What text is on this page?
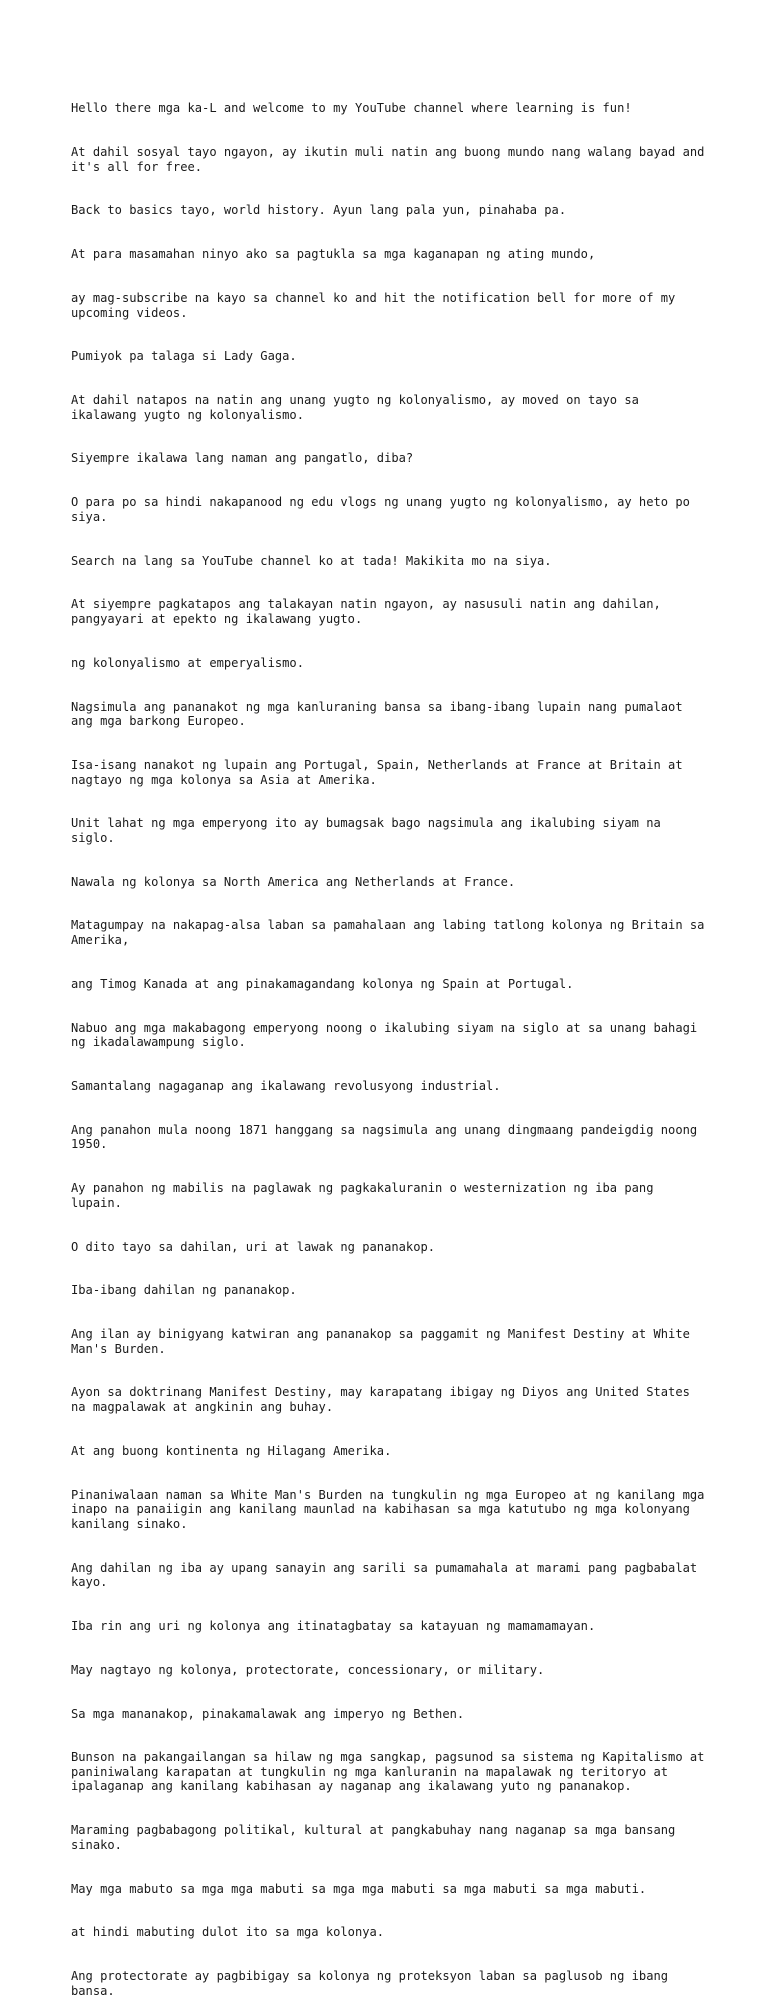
Hello there mga ka-L and welcome to my YouTube channel where learning is fun!

At dahil sosyal tayo ngayon, ay ikutin muli natin ang buong mundo nang walang bayad and it's all for free.

Back to basics tayo, world history. Ayun lang pala yun, pinahaba pa.

At para masamahan ninyo ako sa pagtukla sa mga kaganapan ng ating mundo,

ay mag-subscribe na kayo sa channel ko and hit the notification bell for more of my upcoming videos.

Pumiyok pa talaga si Lady Gaga.

At dahil natapos na natin ang unang yugto ng kolonyalismo, ay moved on tayo sa ikalawang yugto ng kolonyalismo.

Siyempre ikalawa lang naman ang pangatlo, diba?

O para po sa hindi nakapanood ng edu vlogs ng unang yugto ng kolonyalismo, ay heto po siya.

Search na lang sa YouTube channel ko at tada! Makikita mo na siya.

At siyempre pagkatapos ang talakayan natin ngayon, ay nasusuli natin ang dahilan, pangyayari at epekto ng ikalawang yugto.

ng kolonyalismo at emperyalismo.

Nagsimula ang pananakot ng mga kanluraning bansa sa ibang-ibang lupain nang pumalaot ang mga barkong Europeo.

Isa-isang nanakot ng lupain ang Portugal, Spain, Netherlands at France at Britain at nagtayo ng mga kolonya sa Asia at Amerika.

Unit lahat ng mga emperyong ito ay bumagsak bago nagsimula ang ikalubing siyam na siglo.

Nawala ng kolonya sa North America ang Netherlands at France.

Matagumpay na nakapag-alsa laban sa pamahalaan ang labing tatlong kolonya ng Britain sa Amerika,

ang Timog Kanada at ang pinakamagandang kolonya ng Spain at Portugal.

Nabuo ang mga makabagong emperyong noong o ikalubing siyam na siglo at sa unang bahagi ng ikadalawampung siglo.

Samantalang nagaganap ang ikalawang revolusyong industrial.

Ang panahon mula noong 1871 hanggang sa nagsimula ang unang dingmaang pandeigdig noong 1950.

Ay panahon ng mabilis na paglawak ng pagkakaluranin o westernization ng iba pang lupain.

O dito tayo sa dahilan, uri at lawak ng pananakop.

Iba-ibang dahilan ng pananakop.

Ang ilan ay binigyang katwiran ang pananakop sa paggamit ng Manifest Destiny at White Man's Burden.

Ayon sa doktrinang Manifest Destiny, may karapatang ibigay ng Diyos ang United States na magpalawak at angkinin ang buhay.

At ang buong kontinenta ng Hilagang Amerika.

Pinaniwalaan naman sa White Man's Burden na tungkulin ng mga Europeo at ng kanilang mga inapo na panaiigin ang kanilang maunlad na kabihasan sa mga katutubo ng mga kolonyang kanilang sinako.

Ang dahilan ng iba ay upang sanayin ang sarili sa pumamahala at marami pang pagbabalat kayo.

Iba rin ang uri ng kolonya ang itinatagbatay sa katayuan ng mamamamayan.

May nagtayo ng kolonya, protectorate, concessionary, or military.

Sa mga mananakop, pinakamalawak ang imperyo ng Bethen.

Bunson na pakangailangan sa hilaw ng mga sangkap, pagsunod sa sistema ng Kapitalismo at paniniwalang karapatan at tungkulin ng mga kanluranin na mapalawak ng teritoryo at ipalaganap ang kanilang kabihasan ay naganap ang ikalawang yuto ng pananakop.

Maraming pagbabagong politikal, kultural at pangkabuhay nang naganap sa mga bansang sinako.

May mga mabuto sa mga mga mabuti sa mga mga mabuti sa mga mabuti sa mga mabuti.

at hindi mabuting dulot ito sa mga kolonya.

Ang protectorate ay pagbibigay sa kolonya ng proteksyon laban sa paglusob ng ibang bansa.
